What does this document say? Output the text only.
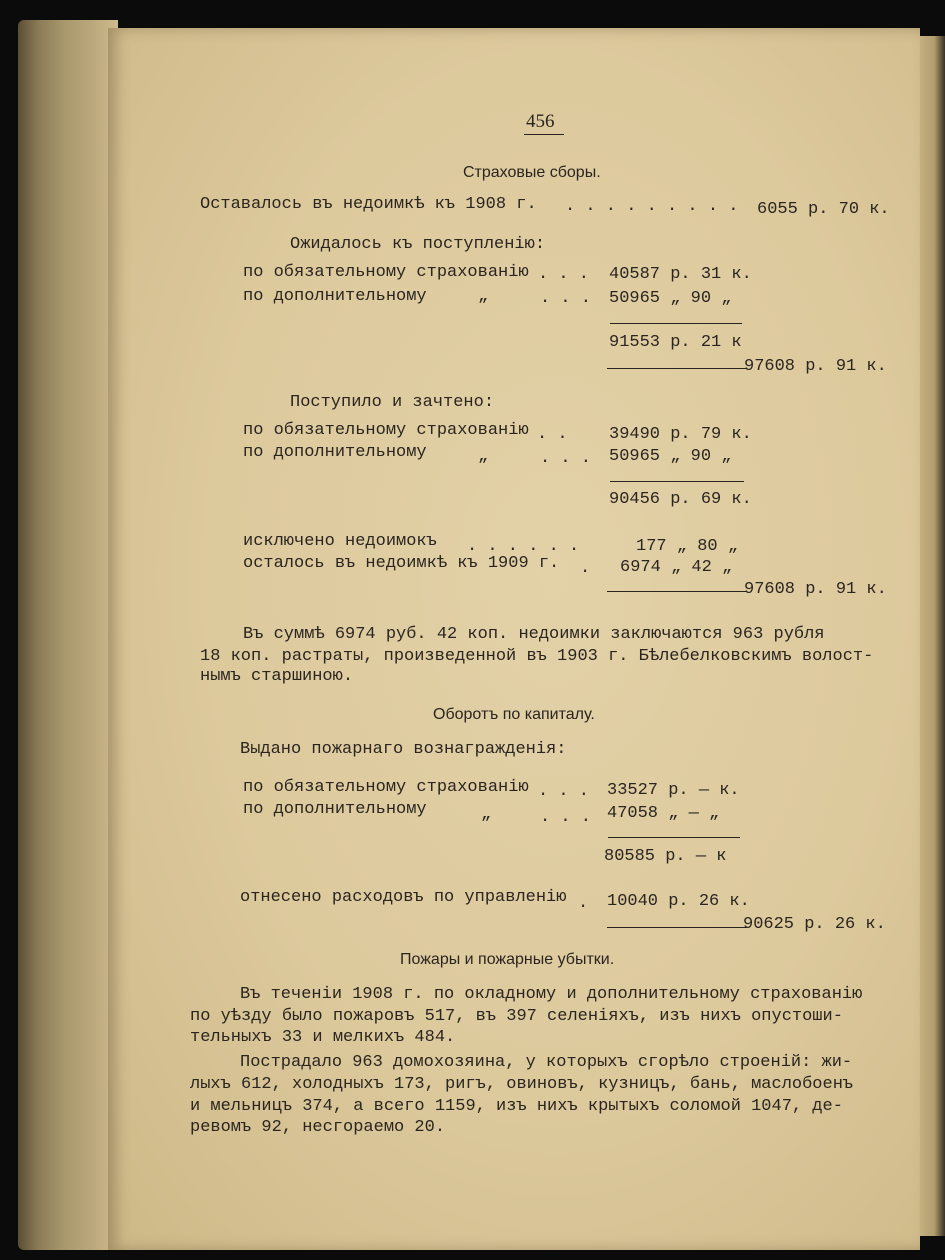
456
Страховые сборы.
Оставалось въ недоимкѣ къ 1908 г. . . . . . . . . . 6055 р. 70 к.
Ожидалось къ поступленію:
по обязательному страхованію . . . 40587 р. 31 к.
по дополнительному	„	. . . 50965 „ 90 „
91553 р. 21 к
97608 р. 91 к.
Поступило и зачтено:
по обязательному страхованію . . 39490 р. 79 к.
по дополнительному	„	. . . 50965 „ 90 „
90456 р. 69 к.
исключено недоимокъ . . . . . .	177 „ 80 „
осталось въ недоимкѣ къ 1909 г. . 6974 „ 42 „
97608 р. 91 к.
Въ суммѣ 6974 руб. 42 коп. недоимки заключаются 963 рубля
18 коп. растраты, произведенной въ 1903 г. Бѣлебелковскимъ волост-
нымъ старшиною.
Оборотъ по капиталу.
Выдано пожарнаго вознагражденія:
по обязательному страхованію . . . 33527 р. — к.
по дополнительному	„	. . . 47058 „ — „
80585 р. — к
отнесено расходовъ по управленію . 10040 р. 26 к.
90625 р. 26 к.
Пожары и пожарные убытки.
Въ теченіи 1908 г. по окладному и дополнительному страхованію
по уѣзду было пожаровъ 517, въ 397 селеніяхъ, изъ нихъ опустоши-
тельныхъ 33 и мелкихъ 484.
Пострадало 963 домохозяина, у которыхъ сгорѣло строеній: жи-
лыхъ 612, холодныхъ 173, ригъ, овиновъ, кузницъ, бань, маслобоенъ
и мельницъ 374, а всего 1159, изъ нихъ крытыхъ соломой 1047, де-
ревомъ 92, несгораемо 20.
